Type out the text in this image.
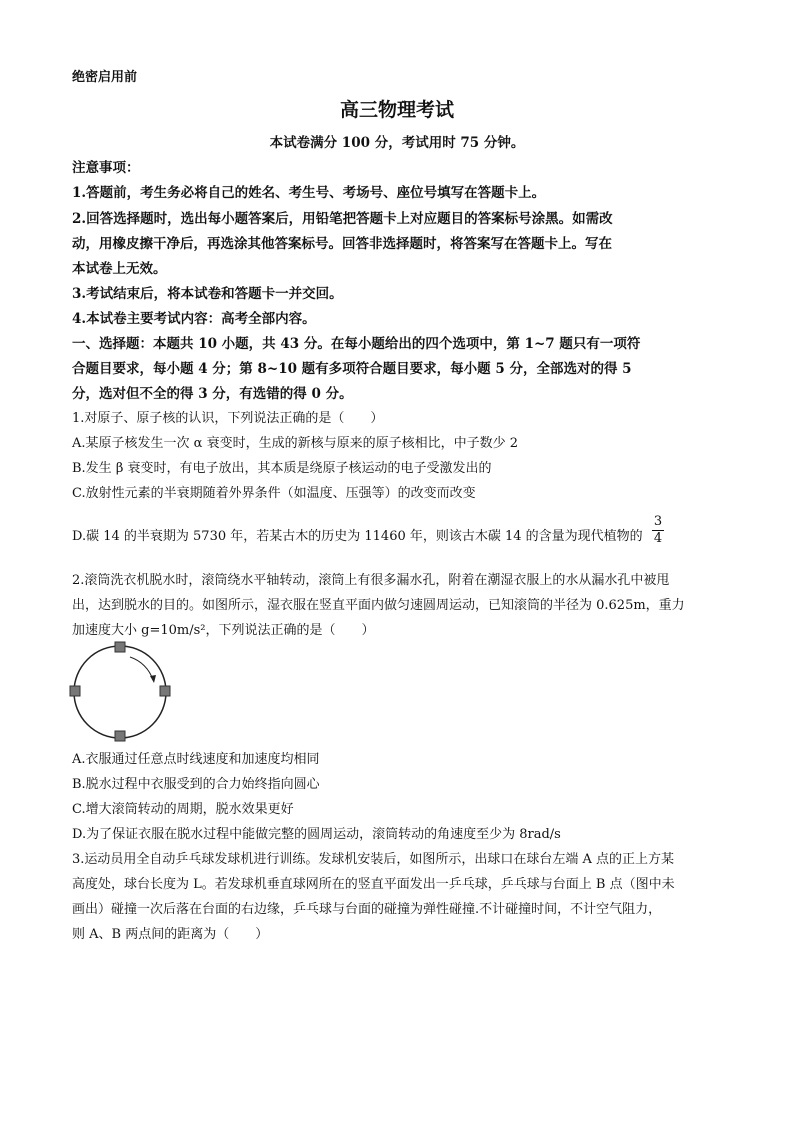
绝密启用前
高三物理考试
本试卷满分 100 分，考试用时 75 分钟。
注意事项：
1.答题前，考生务必将自己的姓名、考生号、考场号、座位号填写在答题卡上。
2.回答选择题时，选出每小题答案后，用铅笔把答题卡上对应题目的答案标号涂黑。如需改
动，用橡皮擦干净后，再选涂其他答案标号。回答非选择题时，将答案写在答题卡上。写在
本试卷上无效。
3.考试结束后，将本试卷和答题卡一并交回。
4.本试卷主要考试内容：高考全部内容。
一、选择题：本题共 10 小题，共 43 分。在每小题给出的四个选项中，第 1~7 题只有一项符
合题目要求，每小题 4 分；第 8~10 题有多项符合题目要求，每小题 5 分，全部选对的得 5
分，选对但不全的得 3 分，有选错的得 0 分。
1.对原子、原子核的认识，下列说法正确的是（　　）
A.某原子核发生一次 α 衰变时，生成的新核与原来的原子核相比，中子数少 2
B.发生 β 衰变时，有电子放出，其本质是绕原子核运动的电子受激发出的
C.放射性元素的半衰期随着外界条件（如温度、压强等）的改变而改变
D.碳 14 的半衰期为 5730 年，若某古木的历史为 11460 年，则该古木碳 14 的含量为现代植物的
3
4
2.滚筒洗衣机脱水时，滚筒绕水平轴转动，滚筒上有很多漏水孔，附着在潮湿衣服上的水从漏水孔中被甩
出，达到脱水的目的。如图所示，湿衣服在竖直平面内做匀速圆周运动，已知滚筒的半径为 0.625m，重力
加速度大小 g=10m/s²，下列说法正确的是（　　）
A.衣服通过任意点时线速度和加速度均相同
B.脱水过程中衣服受到的合力始终指向圆心
C.增大滚筒转动的周期，脱水效果更好
D.为了保证衣服在脱水过程中能做完整的圆周运动，滚筒转动的角速度至少为 8rad/s
3.运动员用全自动乒乓球发球机进行训练。发球机安装后，如图所示，出球口在球台左端 A 点的正上方某
高度处，球台长度为 L。若发球机垂直球网所在的竖直平面发出一乒乓球，乒乓球与台面上 B 点（图中未
画出）碰撞一次后落在台面的右边缘，乒乓球与台面的碰撞为弹性碰撞.不计碰撞时间，不计空气阻力，
则 A、B 两点间的距离为（　　）
